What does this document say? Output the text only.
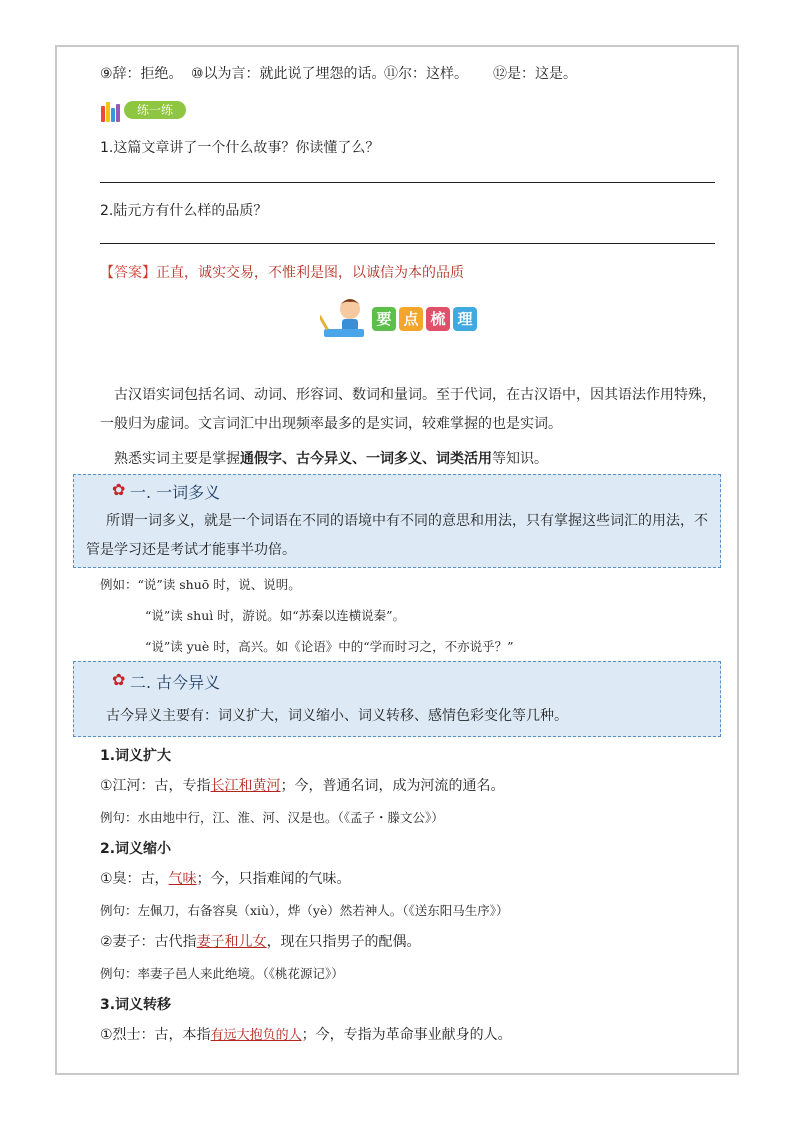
⑨辞：拒绝。 ⑩以为言：就此说了埋怨的话。
⑪尔：这样。 ⑫是：这是。
练一练
1.这篇文章讲了一个什么故事？你读懂了么？
2.陆元方有什么样的品质？
【答案】正直，诚实交易，不惟利是图，以诚信为本的品质
要 点 梳 理
古汉语实词包括名词、动词、形容词、数词和量词。至于代词，在古汉语中，因其语法作用特殊，一般归为虚词。文言词汇中出现频率最多的是实词，较难掌握的也是实词。
熟悉实词主要是掌握通假字、古今异义、一词多义、词类活用等知识。
✿ 一. 一词多义
所谓一词多义，就是一个词语在不同的语境中有不同的意思和用法，只有掌握这些词汇的用法，不管是学习还是考试才能事半功倍。
例如：“说”读 shuō 时，说、说明。
“说”读 shuì 时，游说。如“苏秦以连横说秦”。
“说”读 yuè 时，高兴。如《论语》中的“学而时习之，不亦说乎？”
✿ 二. 古今异义
古今异义主要有：词义扩大，词义缩小、词义转移、感情色彩变化等几种。
1.词义扩大
①江河：古，专指长江和黄河；今，普通名词，成为河流的通名。
例句：水由地中行，江、淮、河、汉是也。（《孟子・滕文公》）
2.词义缩小
①臭：古，气味；今，只指难闻的气味。
例句：左佩刀，右备容臭（xiù），烨（yè）然若神人。（《送东阳马生序》）
②妻子：古代指妻子和儿女，现在只指男子的配偶。
例句：率妻子邑人来此绝境。（《桃花源记》）
3.词义转移
①烈士：古，本指有远大抱负的人；今，专指为革命事业献身的人。
